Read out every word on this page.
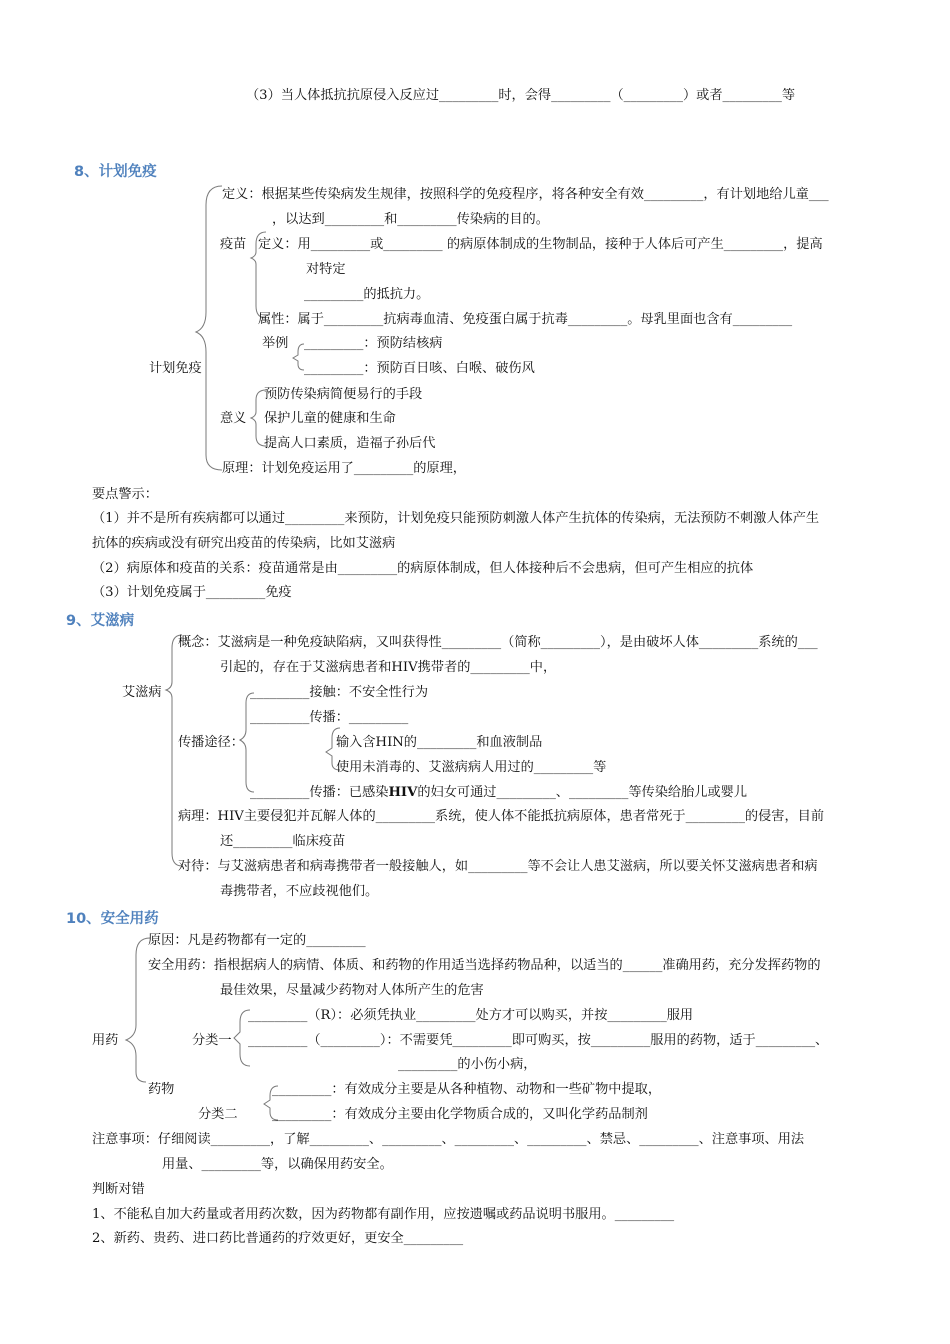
（3）当人体抵抗抗原侵入反应过_________时，会得_________（_________）或者_________等
8、计划免疫
定义：根据某些传染病发生规律，按照科学的免疫程序，将各种安全有效_________，有计划地给儿童___
，以达到_________和_________传染病的目的。
疫苗 定义：用_________或_________ 的病原体制成的生物制品，接种于人体后可产生_________，提高
对特定
_________的抵抗力。
属性：属于_________抗病毒血清、免疫蛋白属于抗毒_________。母乳里面也含有_________
举例 _________：预防结核病
_________：预防百日咳、白喉、破伤风
计划免疫
预防传染病简便易行的手段
意义 保护儿童的健康和生命
提高人口素质，造福子孙后代
原理：计划免疫运用了_________的原理，
要点警示：
（1）并不是所有疾病都可以通过_________来预防，计划免疫只能预防刺激人体产生抗体的传染病，无法预防不刺激人体产生
抗体的疾病或没有研究出疫苗的传染病，比如艾滋病
（2）病原体和疫苗的关系：疫苗通常是由_________的病原体制成，但人体接种后不会患病，但可产生相应的抗体
（3）计划免疫属于_________免疫
9、艾滋病
概念：艾滋病是一种免疫缺陷病，又叫获得性_________（简称_________），是由破坏人体_________系统的___
引起的，存在于艾滋病患者和HIV携带者的_________中，
艾滋病	_________接触：不安全性行为
_________传播：_________
传播途径：	输入含HIN的_________和血液制品
使用未消毒的、艾滋病病人用过的_________等
_________传播：已感染HIV的妇女可通过_________、_________等传染给胎儿或婴儿
病理：HIV主要侵犯并瓦解人体的_________系统，使人体不能抵抗病原体，患者常死于_________的侵害，目前
还_________临床疫苗
对待：与艾滋病患者和病毒携带者一般接触人，如_________等不会让人患艾滋病，所以要关怀艾滋病患者和病
毒携带者，不应歧视他们。
10、安全用药
原因：凡是药物都有一定的_________
安全用药：指根据病人的病情、体质、和药物的作用适当选择药物品种，以适当的______准确用药，充分发挥药物的
最佳效果，尽量减少药物对人体所产生的危害
_________（R）：必须凭执业_________处方才可以购买，并按_________服用
用药	分类一 _________（_________）：不需要凭_________即可购买，按_________服用的药物，适于_________、
_________的小伤小病，
_________：有效成分主要是从各种植物、动物和一些矿物中提取，
药物
分类二	_________：有效成分主要由化学物质合成的，又叫化学药品制剂
注意事项：仔细阅读_________，了解_________、_________、_________、_________、禁忌、_________、注意事项、用法
用量、_________等，以确保用药安全。
判断对错
1、不能私自加大药量或者用药次数，因为药物都有副作用，应按遗嘱或药品说明书服用。_________
2、新药、贵药、进口药比普通药的疗效更好，更安全_________
